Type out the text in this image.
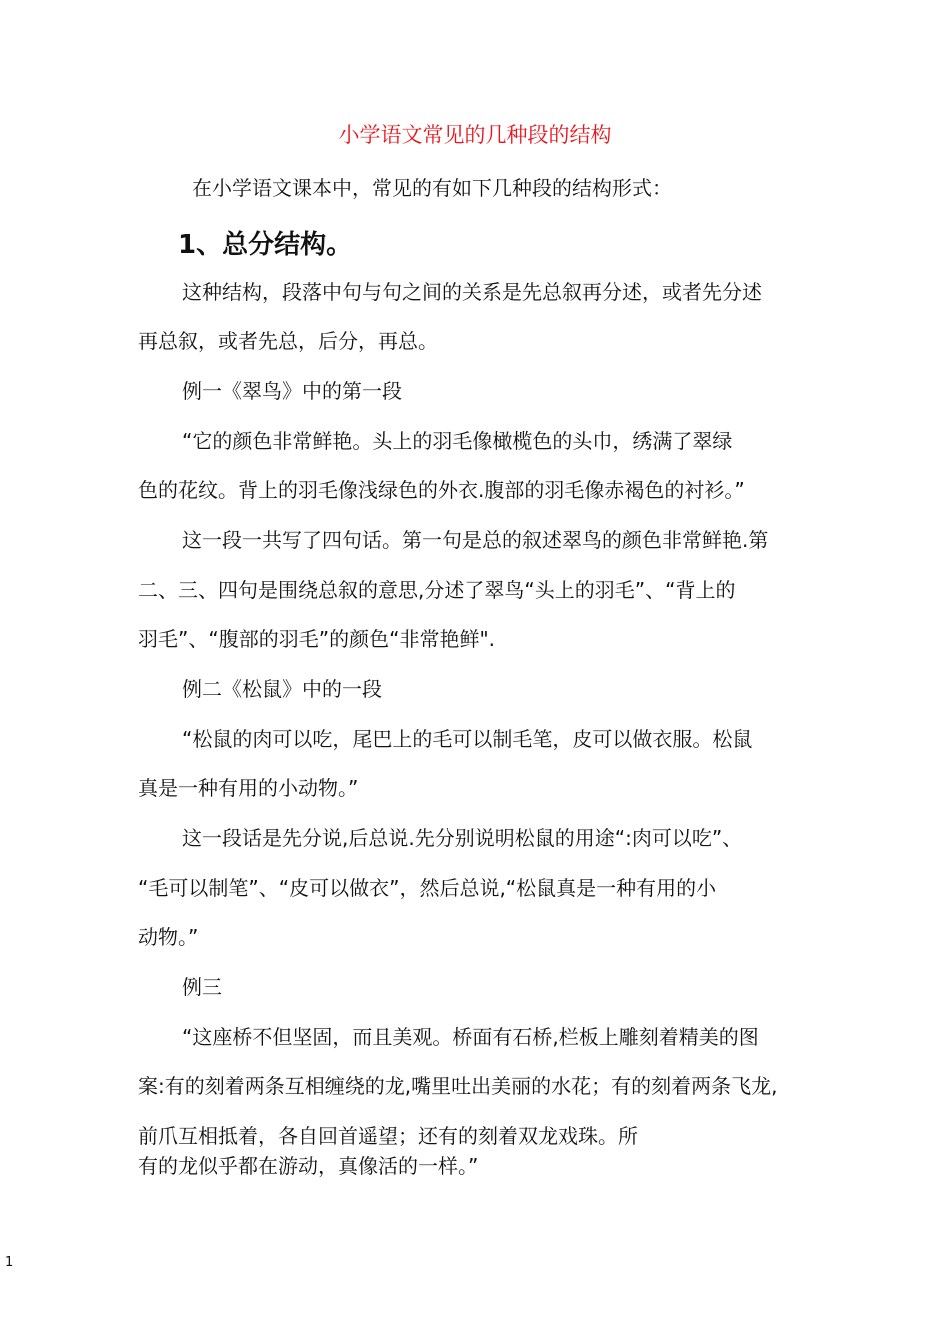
小学语文常见的几种段的结构
在小学语文课本中，常见的有如下几种段的结构形式：
1、总分结构。
这种结构，段落中句与句之间的关系是先总叙再分述，或者先分述
再总叙，或者先总，后分，再总。
例一《翠鸟》中的第一段
“它的颜色非常鲜艳。头上的羽毛像橄榄色的头巾，绣满了翠绿
色的花纹。背上的羽毛像浅绿色的外衣.腹部的羽毛像赤褐色的衬衫。”
这一段一共写了四句话。第一句是总的叙述翠鸟的颜色非常鲜艳.第
二、三、四句是围绕总叙的意思,分述了翠鸟“头上的羽毛”、“背上的
羽毛”、“腹部的羽毛”的颜色“非常艳鲜".
例二《松鼠》中的一段
“松鼠的肉可以吃，尾巴上的毛可以制毛笔，皮可以做衣服。松鼠
真是一种有用的小动物。”
这一段话是先分说,后总说.先分别说明松鼠的用途“:肉可以吃”、
“毛可以制笔”、“皮可以做衣”，然后总说,“松鼠真是一种有用的小
动物。”
例三
“这座桥不但坚固，而且美观。桥面有石桥,栏板上雕刻着精美的图
案:有的刻着两条互相缠绕的龙,嘴里吐出美丽的水花；有的刻着两条飞龙,
前爪互相抵着，各自回首遥望；还有的刻着双龙戏珠。所
有的龙似乎都在游动，真像活的一样。”
1
